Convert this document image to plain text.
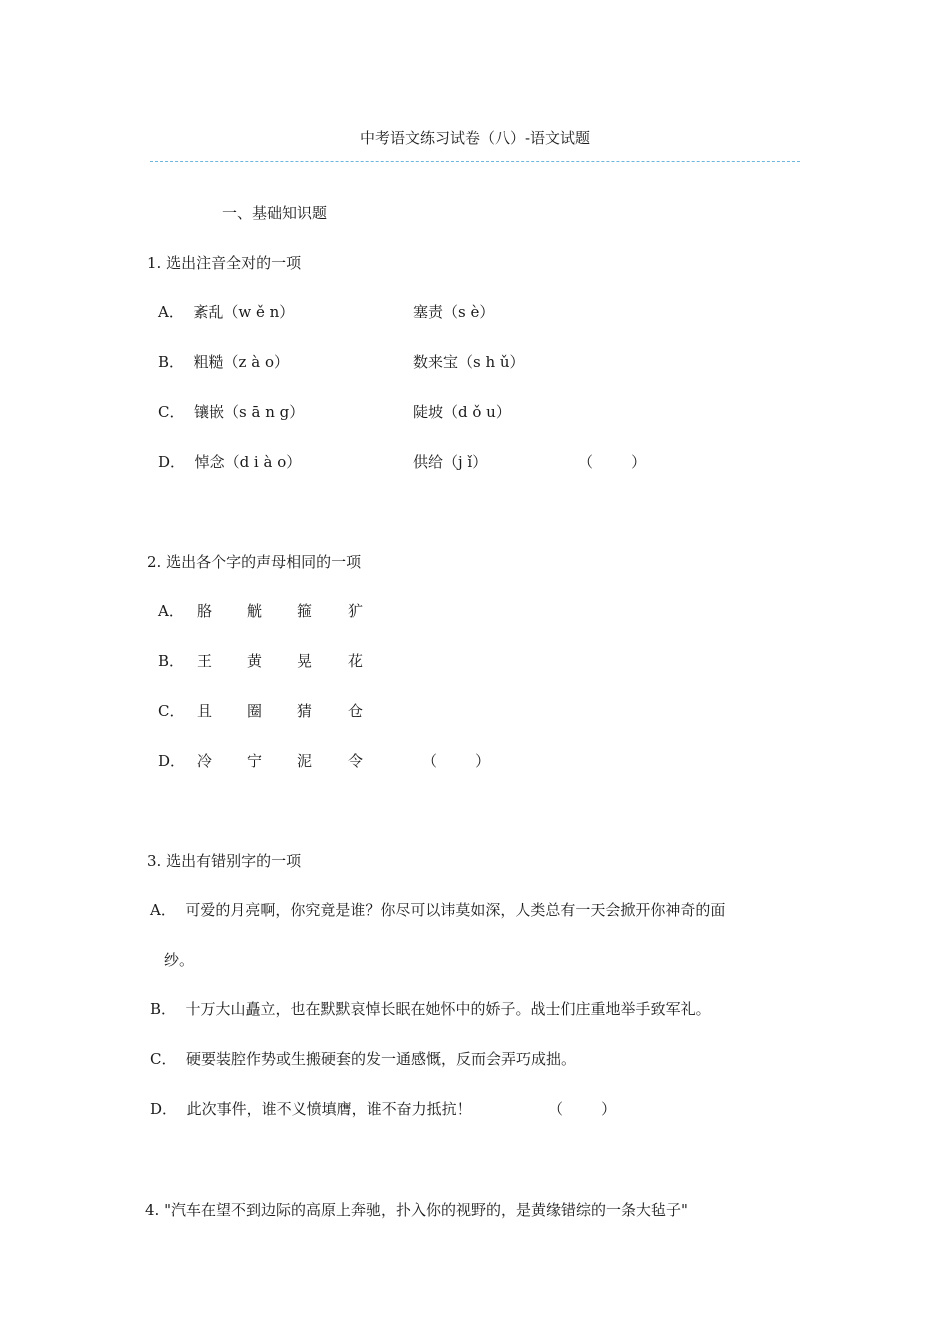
中考语文练习试卷（八）-语文试题
一、基础知识题
1. 选出注音全对的一项
A．  紊乱（w ě n）	塞责（s è）
B．  粗糙（z à o）	数来宝（s h ǔ）
C．  镶嵌（s ā n g）	陡坡（d ǒ u）
D．  悼念（d i à o）	供给（j ǐ）	（        ）
2. 选出各个字的声母相同的一项
A． 胳 觥 箍 犷
B． 王 黄 晃 花
C． 且 圈 猜 仓
D． 冷 宁 泥 令	（        ）
3. 选出有错别字的一项
A．  可爱的月亮啊，你究竟是谁？你尽可以讳莫如深，人类总有一天会掀开你神奇的面
纱。
B．  十万大山矗立，也在默默哀悼长眠在她怀中的娇子。战士们庄重地举手致军礼。
C．  硬要装腔作势或生搬硬套的发一通感慨，反而会弄巧成拙。
D．  此次事件，谁不义愤填膺，谁不奋力抵抗！	（        ）
4. "汽车在望不到边际的高原上奔驰，扑入你的视野的，是黄缘错综的一条大毡子"
